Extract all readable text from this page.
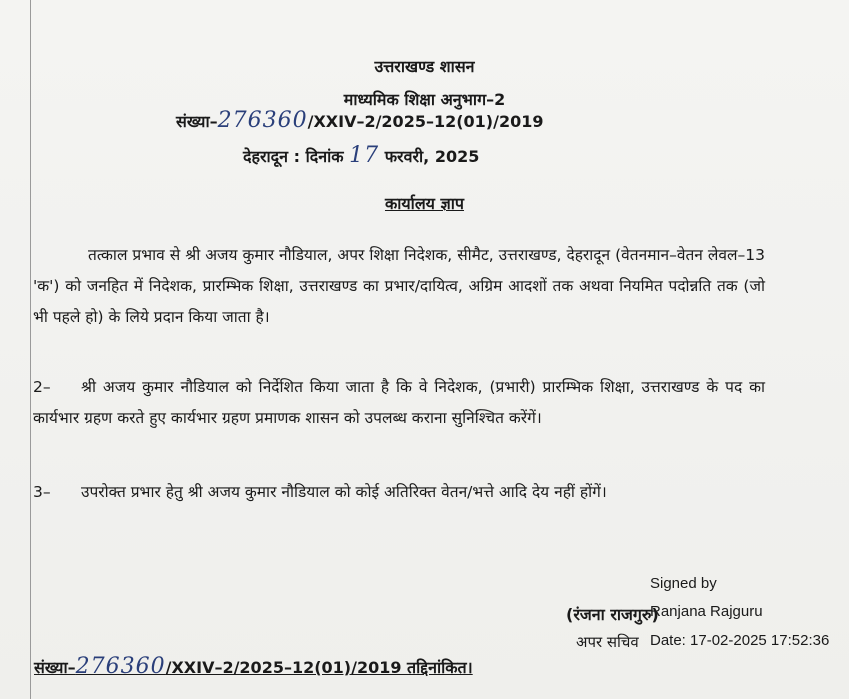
उत्तराखण्ड शासन
माध्यमिक शिक्षा अनुभाग–2
संख्या–276360/XXIV–2/2025–12(01)/2019
देहरादून : दिनांक 17 फरवरी, 2025
कार्यालय ज्ञाप
तत्काल प्रभाव से श्री अजय कुमार नौडियाल, अपर शिक्षा निदेशक, सीमैट, उत्तराखण्ड, देहरादून (वेतनमान–वेतन लेवल–13 'क') को जनहित में निदेशक, प्रारम्भिक शिक्षा, उत्तराखण्ड का प्रभार/दायित्व, अग्रिम आदशों तक अथवा नियमित पदोन्नति तक (जो भी पहले हो) के लिये प्रदान किया जाता है।
2– श्री अजय कुमार नौडियाल को निर्देशित किया जाता है कि वे निदेशक, (प्रभारी) प्रारम्भिक शिक्षा, उत्तराखण्ड के पद का कार्यभार ग्रहण करते हुए कार्यभार ग्रहण प्रमाणक शासन को उपलब्ध कराना सुनिश्चित करेंगें।
3– उपरोक्त प्रभार हेतु श्री अजय कुमार नौडियाल को कोई अतिरिक्त वेतन/भत्ते आदि देय नहीं होंगें।
Signed by
(रंजना राजगुरु)
Ranjana Rajguru
अपर सचिव Date: 17-02-2025 17:52:36
संख्या–276360/XXIV–2/2025–12(01)/2019 तद्दिनांकित।
